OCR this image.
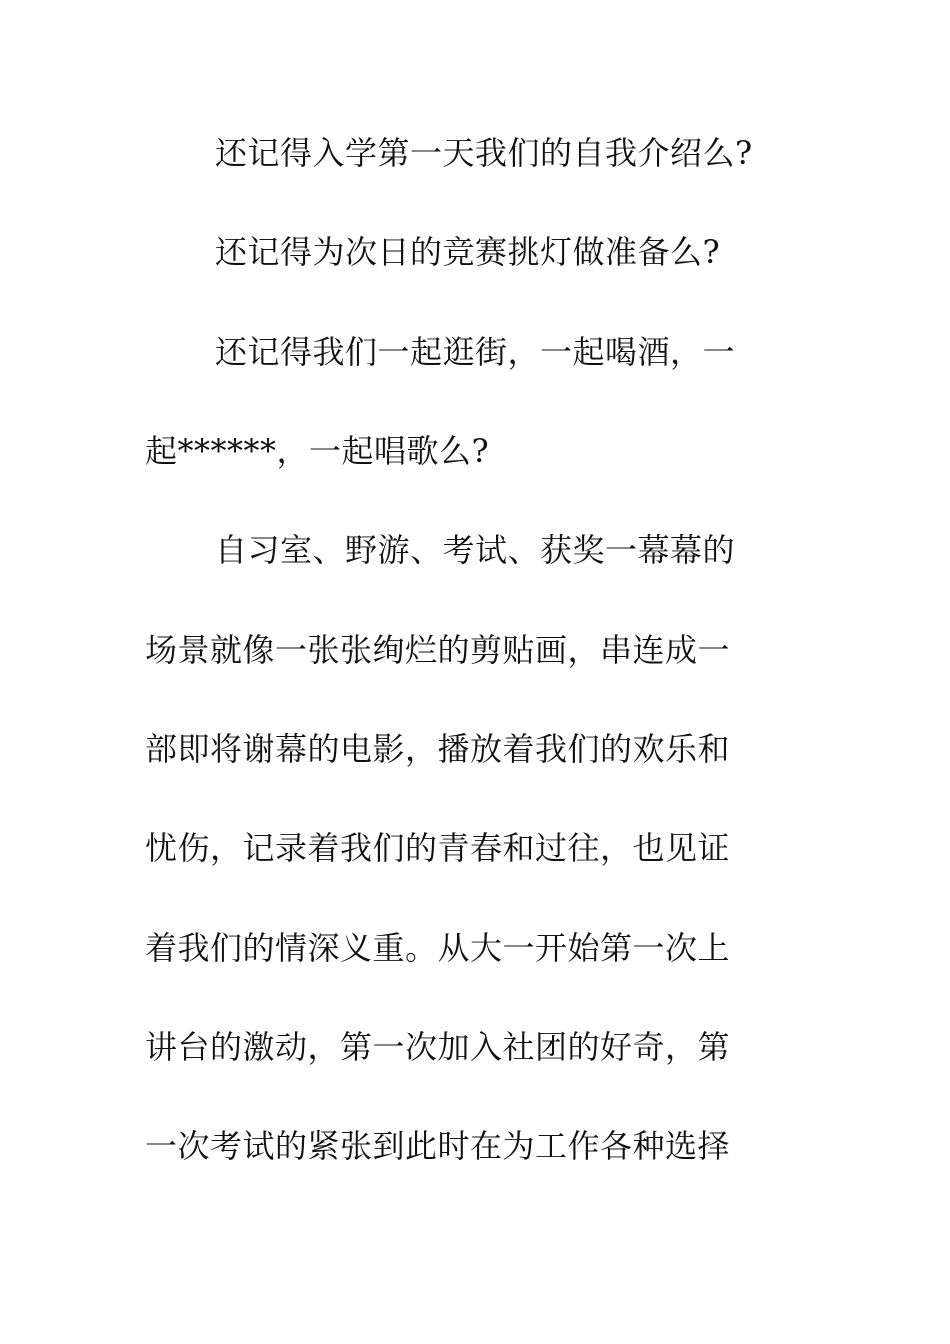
还记得入学第一天我们的自我介绍么?
还记得为次日的竞赛挑灯做准备么?
还记得我们一起逛街，一起喝酒，一
起******，一起唱歌么?
自习室、野游、考试、获奖一幕幕的
场景就像一张张绚烂的剪贴画，串连成一
部即将谢幕的电影，播放着我们的欢乐和
忧伤，记录着我们的青春和过往，也见证
着我们的情深义重。从大一开始第一次上
讲台的激动，第一次加入社团的好奇，第
一次考试的紧张到此时在为工作各种选择
